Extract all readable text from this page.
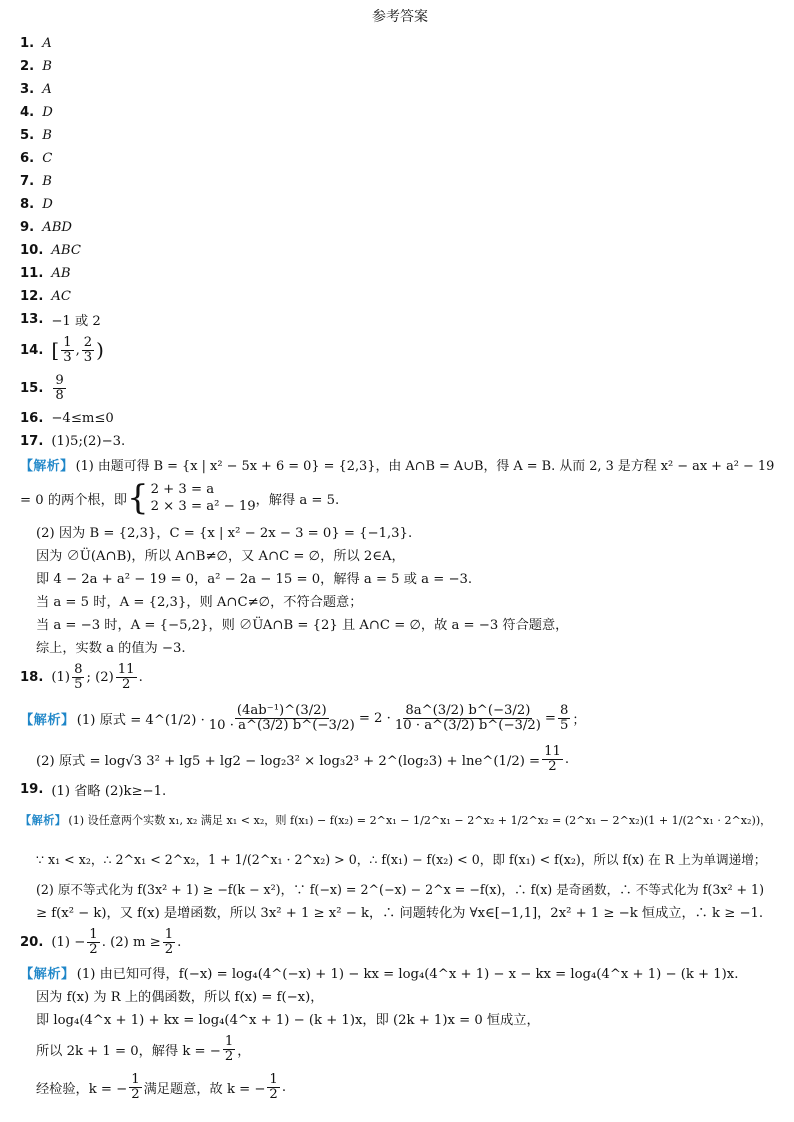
参考答案
1. A
2. B
3. A
4. D
5. B
6. C
7. B
8. D
9. ABD
10. ABC
11. AB
12. AC
13. −1 或 2
14. [ $\frac{1}{3}$ , $\frac{2}{3}$ )
15. $\frac{9}{8}$
16. −4≤m≤0
17. (1)5;(2)−3.
【解析】 (1) 由题可得 B = {x | x² − 5x + 6 = 0} = {2,3}，由 A∩B = A∪B，得 A = B. 从而 2, 3 是方程 x² − ax + a² − 19
= 0 的两个根，即 { 2 + 3 = a
2 × 3 = a² − 19 ，解得 a = 5.
(2) 因为 B = {2,3}，C = {x | x² − 2x − 3 = 0} = {−1,3}.
因为 ∅Ü(A∩B)，所以 A∩B≠∅，又 A∩C = ∅，所以 2∈A，
即 4 − 2a + a² − 19 = 0，a² − 2a − 15 = 0，解得 a = 5 或 a = −3.
当 a = 5 时，A = {2,3}，则 A∩C≠∅，不符合题意；
当 a = −3 时，A = {−5,2}，则 ∅ÜA∩B = {2} 且 A∩C = ∅，故 a = −3 符合题意，
综上，实数 a 的值为 −3.
18. $(1) \frac{8}{5}$ ; $(2) \frac{11}{2}$ .
【解析】 (1) 原式 = 4^(1/2) · $\frac{\text{(4ab⁻¹)\textasciicircum{}(3/2)}}{10 \cdot a\^{}(3/2) b\^{}(-3/2)} = 2 \cdot \frac{8a\^{}(3/2) b\^{}(-3/2)}{10 \cdot a\^{}(3/2) b\^{}(-3/2)} = \frac{8}{5}$ ；
(2) 原式 = log√3 3² + lg5 + lg2 − log₂3² × log₃2³ + 2^(log₂3) + lne^(1/2) = $\frac{11}{2}$ .
19. (1) 省略 (2)k≥−1.
【解析】 (1) 设任意两个实数 x₁, x₂ 满足 x₁ < x₂，则 f(x₁) − f(x₂) = 2^x₁ − 1/2^x₁ − 2^x₂ + 1/2^x₂ = (2^x₁ − 2^x₂)(1 + 1/(2^x₁ · 2^x₂))，
∵ x₁ < x₂，∴ 2^x₁ < 2^x₂，1 + 1/(2^x₁ · 2^x₂) > 0，∴ f(x₁) − f(x₂) < 0，即 f(x₁) < f(x₂)，所以 f(x) 在 R 上为单调递增；
(2) 原不等式化为 f(3x² + 1) ≥ −f(k − x²)，∵ f(−x) = 2^(−x) − 2^x = −f(x)，∴ f(x) 是奇函数，∴ 不等式化为 f(3x² + 1)
≥ f(x² − k)，又 f(x) 是增函数，所以 3x² + 1 ≥ x² − k，∴ 问题转化为 ∀x∈[−1,1]，2x² + 1 ≥ −k 恒成立，∴ k ≥ −1.
20. $(1) - \frac{1}{2}$ . (2) $m \ge \frac{1}{2}$ .
【解析】 (1) 由已知可得，f(−x) = log₄(4^(−x) + 1) − kx = log₄(4^x + 1) − x − kx = log₄(4^x + 1) − (k + 1)x.
因为 f(x) 为 R 上的偶函数，所以 f(x) = f(−x)，
即 log₄(4^x + 1) + kx = log₄(4^x + 1) − (k + 1)x，即 (2k + 1)x = 0 恒成立，
所以 2k + 1 = 0，解得 k = − $\frac{1}{2}$ ，
经检验，k = − $\frac{1}{2}$ 满足题意，故 k = − $\frac{1}{2}$ .
